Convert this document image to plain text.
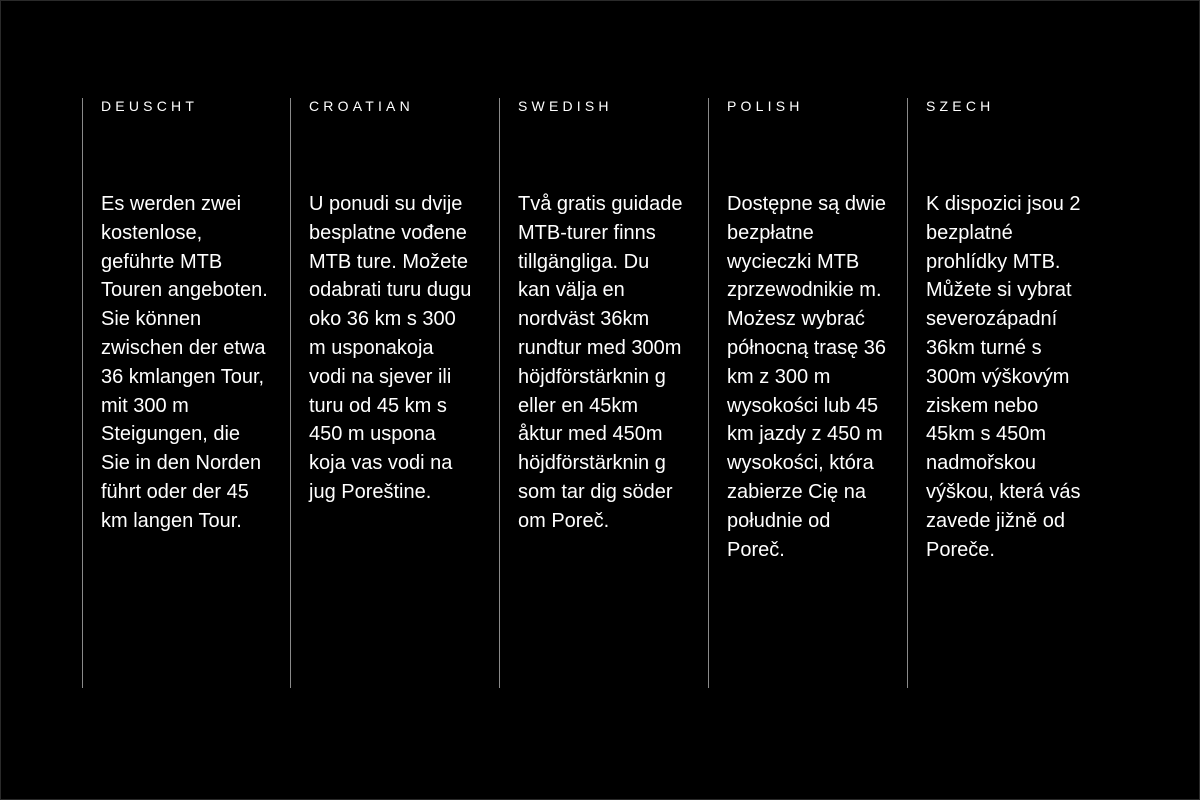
DEUSCHT

Es werden zwei kostenlose, geführte MTB Touren angeboten. Sie können zwischen der etwa 36 kmlangen Tour, mit 300 m Steigungen, die Sie in den Norden führt oder der 45 km langen Tour.

CROATIAN

U ponudi su dvije besplatne vođene MTB ture. Možete odabrati turu dugu oko 36 km s 300 m usponakoja vodi na sjever ili turu od 45 km s 450 m uspona koja vas vodi na jug Poreštine.

SWEDISH

Två gratis guidade MTB-turer finns tillgängliga. Du kan välja en nordväst 36km rundtur med 300m höjdförstärknin g eller en 45km åktur med 450m höjdförstärknin g som tar dig söder om Poreč.

POLISH

Dostępne są dwie bezpłatne wycieczki MTB zprzewodnikie m. Możesz wybrać północną trasę 36 km z 300 m wysokości lub 45 km jazdy z 450 m wysokości, która zabierze Cię na południe od Poreč.

SZECH

K dispozici jsou 2 bezplatné prohlídky MTB. Můžete si vybrat severozápadní 36km turné s 300m výškovým ziskem nebo 45km s 450m nadmořskou výškou, která vás zavede jižně od Poreče.
